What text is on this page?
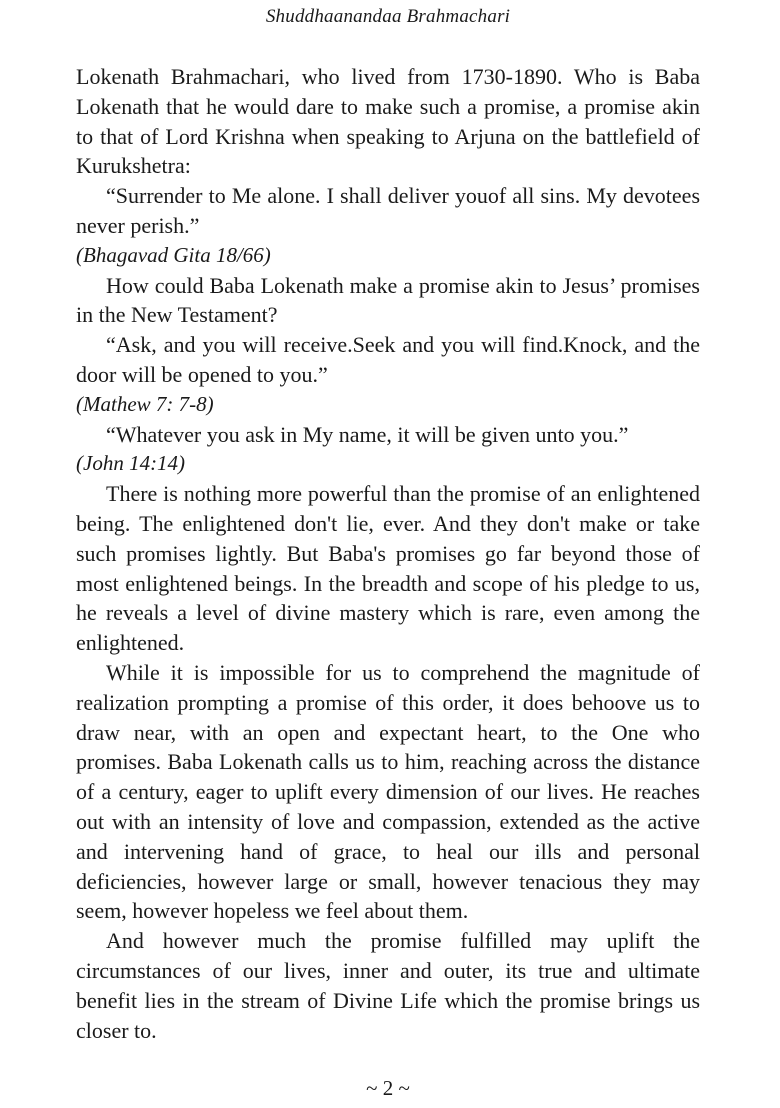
Shuddhaanandaa Brahmachari

Lokenath Brahmachari, who lived from 1730-1890. Who is Baba Lokenath that he would dare to make such a promise, a promise akin to that of Lord Krishna when speaking to Arjuna on the battlefield of Kurukshetra:

“Surrender to Me alone. I shall deliver youof all sins. My devotees never perish.”

(Bhagavad Gita 18/66)

How could Baba Lokenath make a promise akin to Jesus’ promises in the New Testament?

“Ask, and you will receive.Seek and you will find.Knock, and the door will be opened to you.”

(Mathew 7: 7-8)

“Whatever you ask in My name, it will be given unto you.”

(John 14:14)

There is nothing more powerful than the promise of an enlightened being. The enlightened don't lie, ever. And they don't make or take such promises lightly. But Baba's promises go far beyond those of most enlightened beings. In the breadth and scope of his pledge to us, he reveals a level of divine mastery which is rare, even among the enlightened.

While it is impossible for us to comprehend the magnitude of realization prompting a promise of this order, it does behoove us to draw near, with an open and expectant heart, to the One who promises. Baba Lokenath calls us to him, reaching across the distance of a century, eager to uplift every dimension of our lives. He reaches out with an intensity of love and compassion, extended as the active and intervening hand of grace, to heal our ills and personal deficiencies, however large or small, however tenacious they may seem, however hopeless we feel about them.

And however much the promise fulfilled may uplift the circumstances of our lives, inner and outer, its true and ultimate benefit lies in the stream of Divine Life which the promise brings us closer to.

~ 2 ~
